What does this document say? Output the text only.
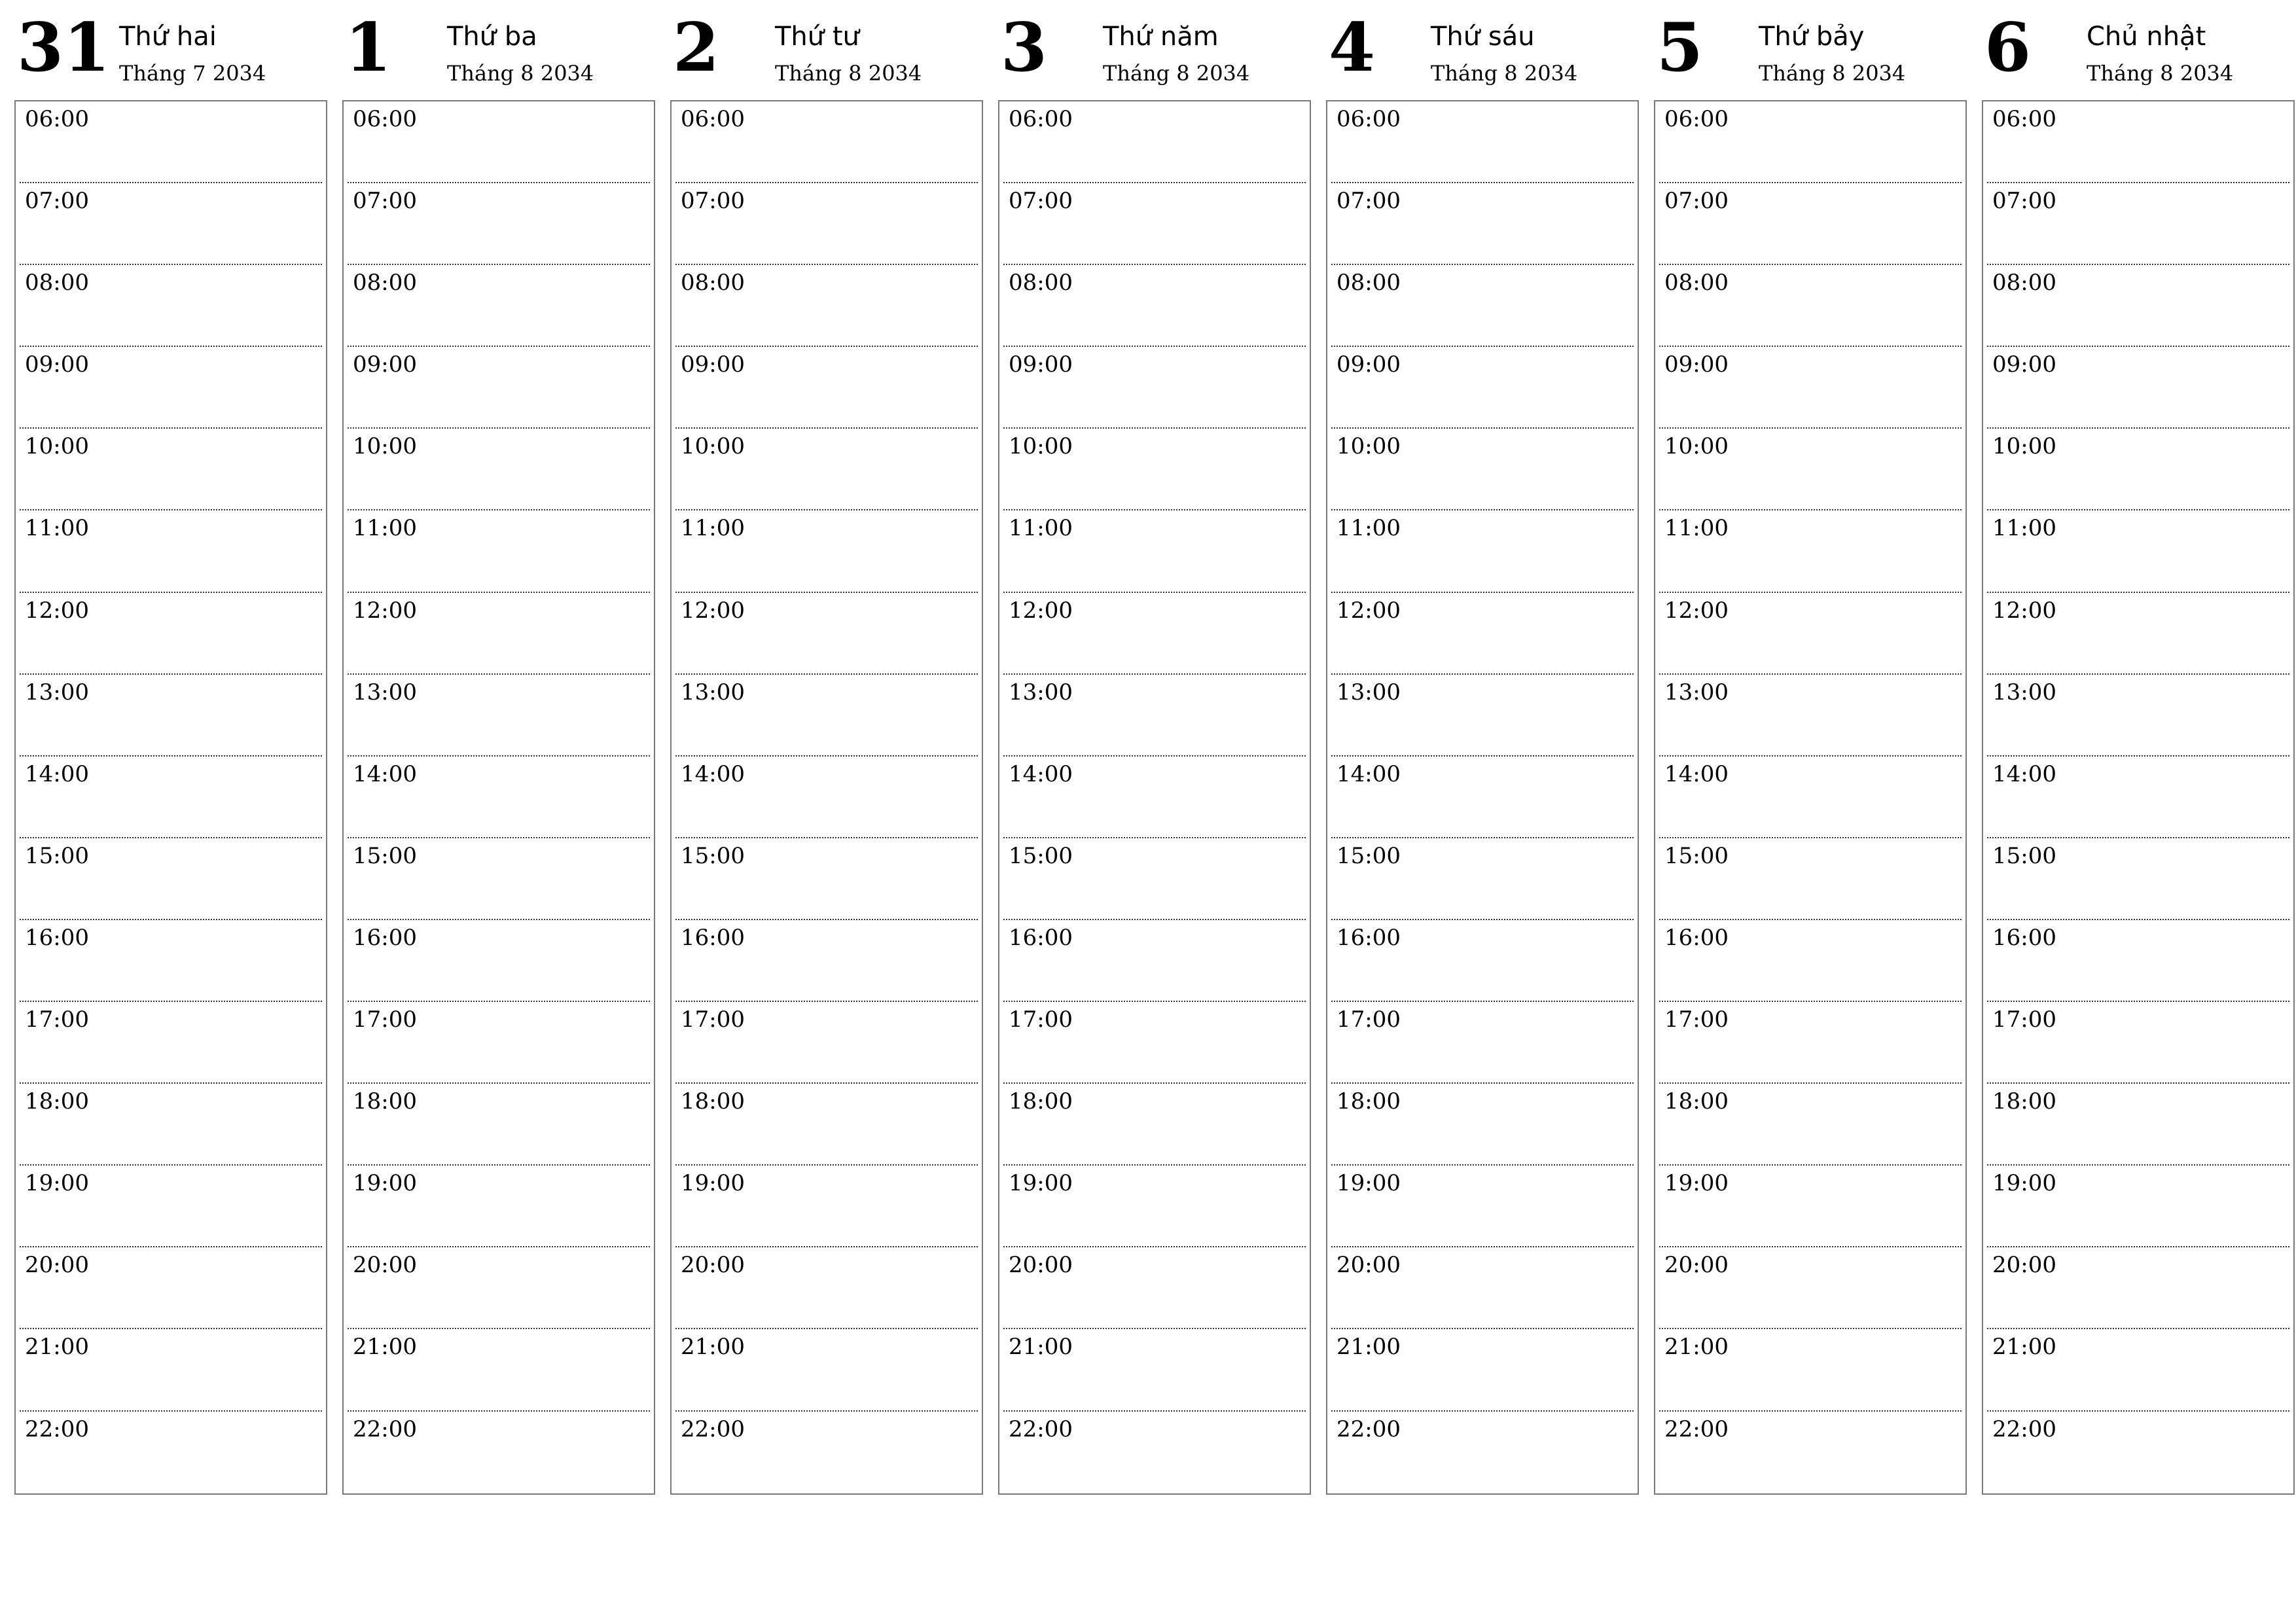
31 Thứ hai
Tháng 7 2034
06:00
07:00
08:00
09:00
10:00
11:00
12:00
13:00
14:00
15:00
16:00
17:00
18:00
19:00
20:00
21:00
22:00
1 Thứ ba
Tháng 8 2034
06:00
07:00
08:00
09:00
10:00
11:00
12:00
13:00
14:00
15:00
16:00
17:00
18:00
19:00
20:00
21:00
22:00
2 Thứ tư
Tháng 8 2034
06:00
07:00
08:00
09:00
10:00
11:00
12:00
13:00
14:00
15:00
16:00
17:00
18:00
19:00
20:00
21:00
22:00
3 Thứ năm
Tháng 8 2034
06:00
07:00
08:00
09:00
10:00
11:00
12:00
13:00
14:00
15:00
16:00
17:00
18:00
19:00
20:00
21:00
22:00
4 Thứ sáu
Tháng 8 2034
06:00
07:00
08:00
09:00
10:00
11:00
12:00
13:00
14:00
15:00
16:00
17:00
18:00
19:00
20:00
21:00
22:00
5 Thứ bảy
Tháng 8 2034
06:00
07:00
08:00
09:00
10:00
11:00
12:00
13:00
14:00
15:00
16:00
17:00
18:00
19:00
20:00
21:00
22:00
6 Chủ nhật
Tháng 8 2034
06:00
07:00
08:00
09:00
10:00
11:00
12:00
13:00
14:00
15:00
16:00
17:00
18:00
19:00
20:00
21:00
22:00
